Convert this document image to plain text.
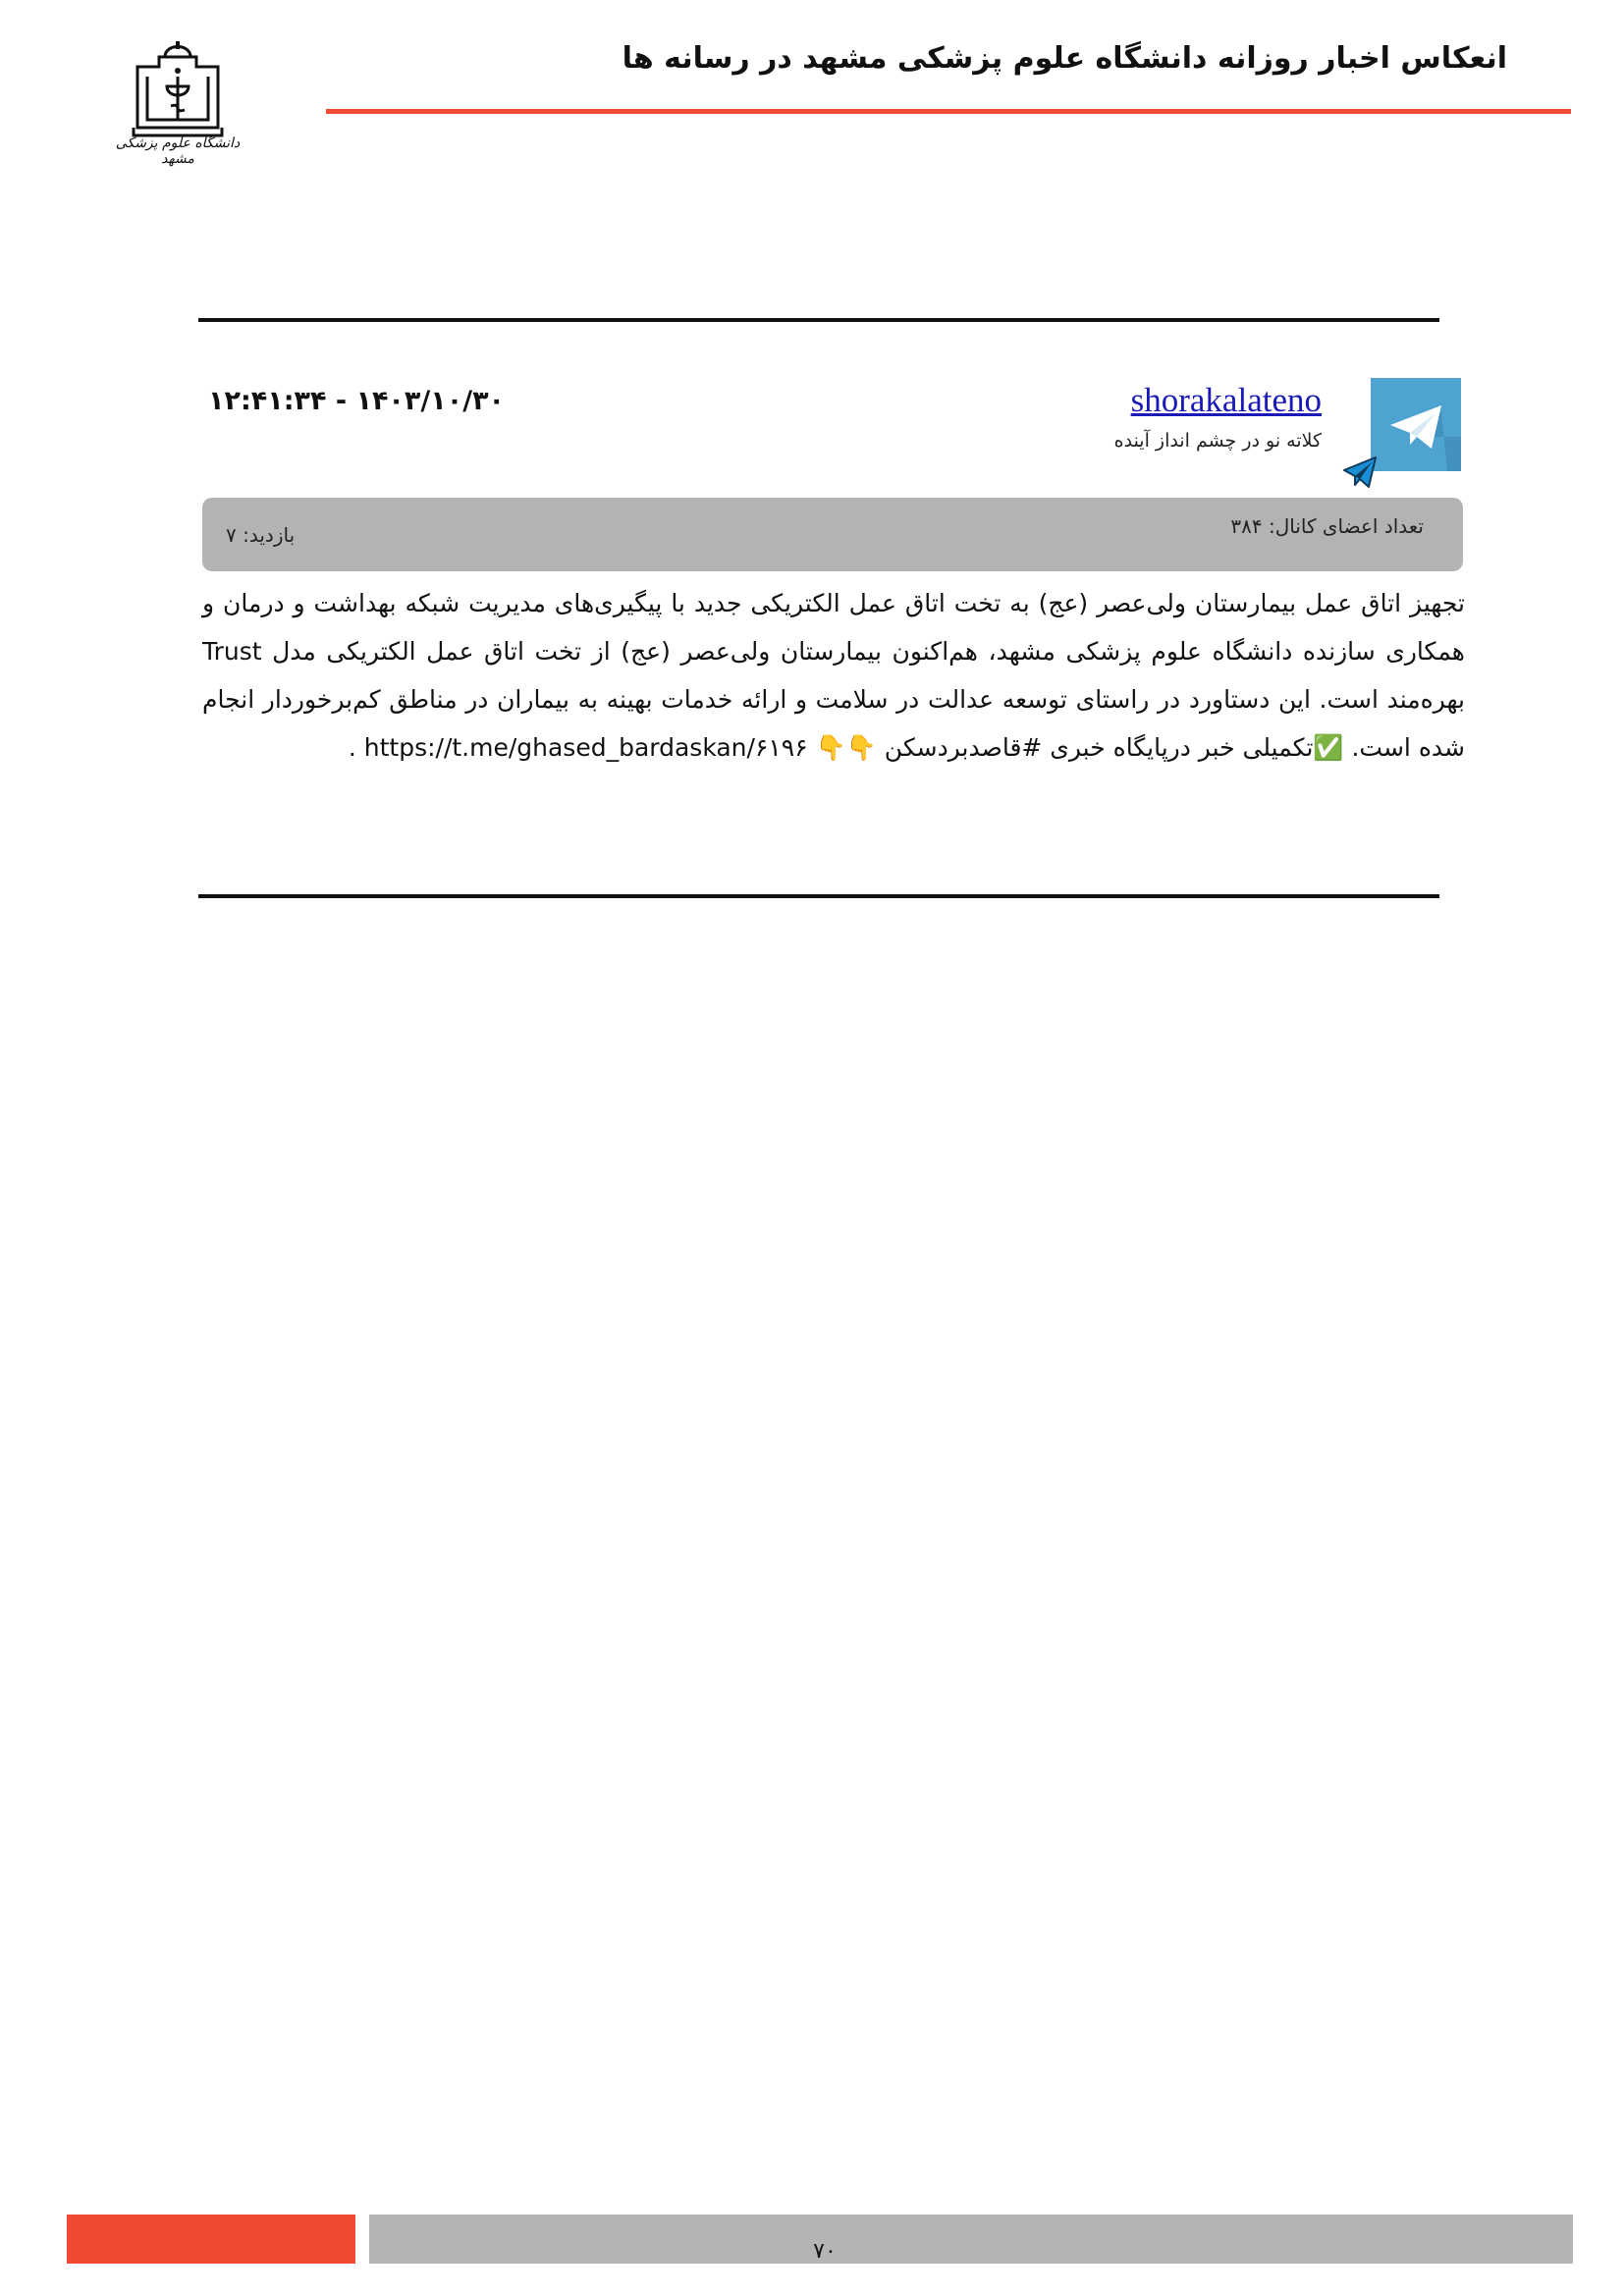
انعکاس اخبار روزانه دانشگاه علوم پزشکی مشهد در رسانه ها
دانشگاه علوم پزشکی مشهد
۱۲:۴۱:۳۴ - ۱۴۰۳/۱۰/۳۰	shorakalateno
کلاته نو در چشم انداز آینده
تعداد اعضای کانال: ۳۸۴
بازدید: ۷
تجهیز اتاق عمل بیمارستان ولی‌عصر (عج) به تخت اتاق عمل الکتریکی جدید با پیگیری‌های مدیریت شبکه بهداشت و درمان و همکاری سازنده دانشگاه علوم پزشکی مشهد، هم‌اکنون بیمارستان ولی‌عصر (عج) از تخت اتاق عمل الکتریکی مدل Trust بهره‌مند است. این دستاورد در راستای توسعه عدالت در سلامت و ارائه خدمات بهینه به بیماران در مناطق کم‌برخوردار انجام شده است. ✅تکمیلی خبر درپایگاه خبری #قاصدبردسکن 👇👇 https://t.me/ghased_bardaskan/۶۱۹۶ .
۷۰
